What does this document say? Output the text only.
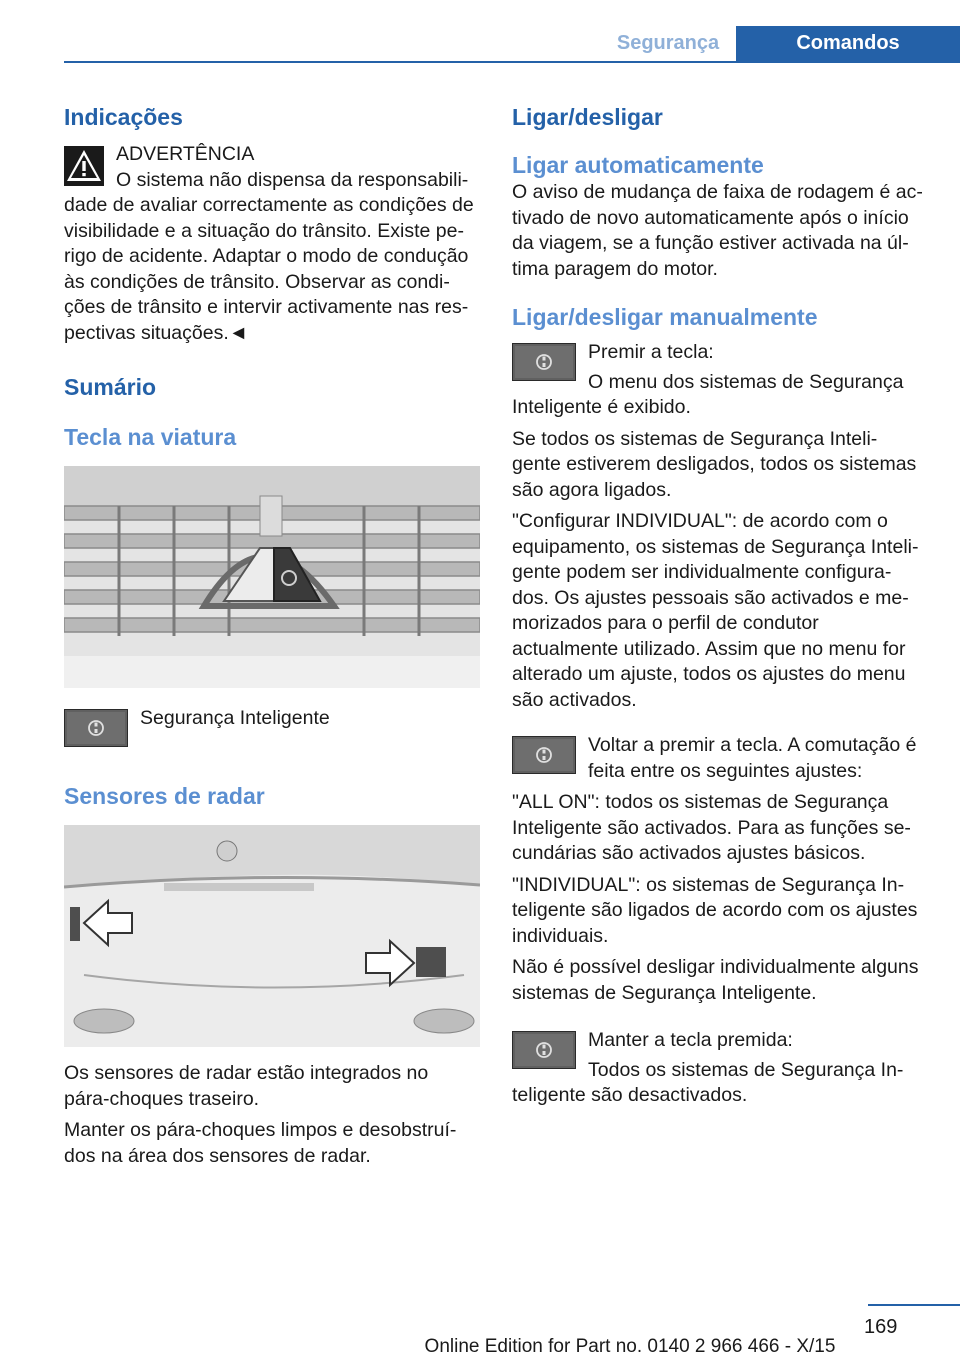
Segurança	Comandos
Indicações

ADVERTÊNCIA

O sistema não dispensa da responsabili-

dade de avaliar correctamente as condições de

visibilidade e a situação do trânsito. Existe pe-

rigo de acidente. Adaptar o modo de condução

às condições de trânsito. Observar as condi-

ções de trânsito e intervir activamente nas res-

pectivas situações.◄

Sumário
Tecla na viatura

Segurança Inteligente

Sensores de radar

Os sensores de radar estão integrados no

pára-choques traseiro.

Manter os pára-choques limpos e desobstruí-

dos na área dos sensores de radar.

Ligar/desligar
Ligar automaticamente

O aviso de mudança de faixa de rodagem é ac-

tivado de novo automaticamente após o início

da viagem, se a função estiver activada na úl-

tima paragem do motor.

Ligar/desligar manualmente

Premir a tecla:

O menu dos sistemas de Segurança

Inteligente é exibido.

Se todos os sistemas de Segurança Inteli-

gente estiverem desligados, todos os sistemas

são agora ligados.

"Configurar INDIVIDUAL": de acordo com o

equipamento, os sistemas de Segurança Inteli-

gente podem ser individualmente configura-

dos. Os ajustes pessoais são activados e me-

morizados para o perfil de condutor

actualmente utilizado. Assim que no menu for

alterado um ajuste, todos os ajustes do menu

são activados.

Voltar a premir a tecla. A comutação é

feita entre os seguintes ajustes:

"ALL ON": todos os sistemas de Segurança

Inteligente são activados. Para as funções se-

cundárias são activados ajustes básicos.

"INDIVIDUAL": os sistemas de Segurança In-

teligente são ligados de acordo com os ajustes

individuais.

Não é possível desligar individualmente alguns

sistemas de Segurança Inteligente.

Manter a tecla premida:

Todos os sistemas de Segurança In-

teligente são desactivados.

169
Online Edition for Part no. 0140 2 966 466 - X/15
